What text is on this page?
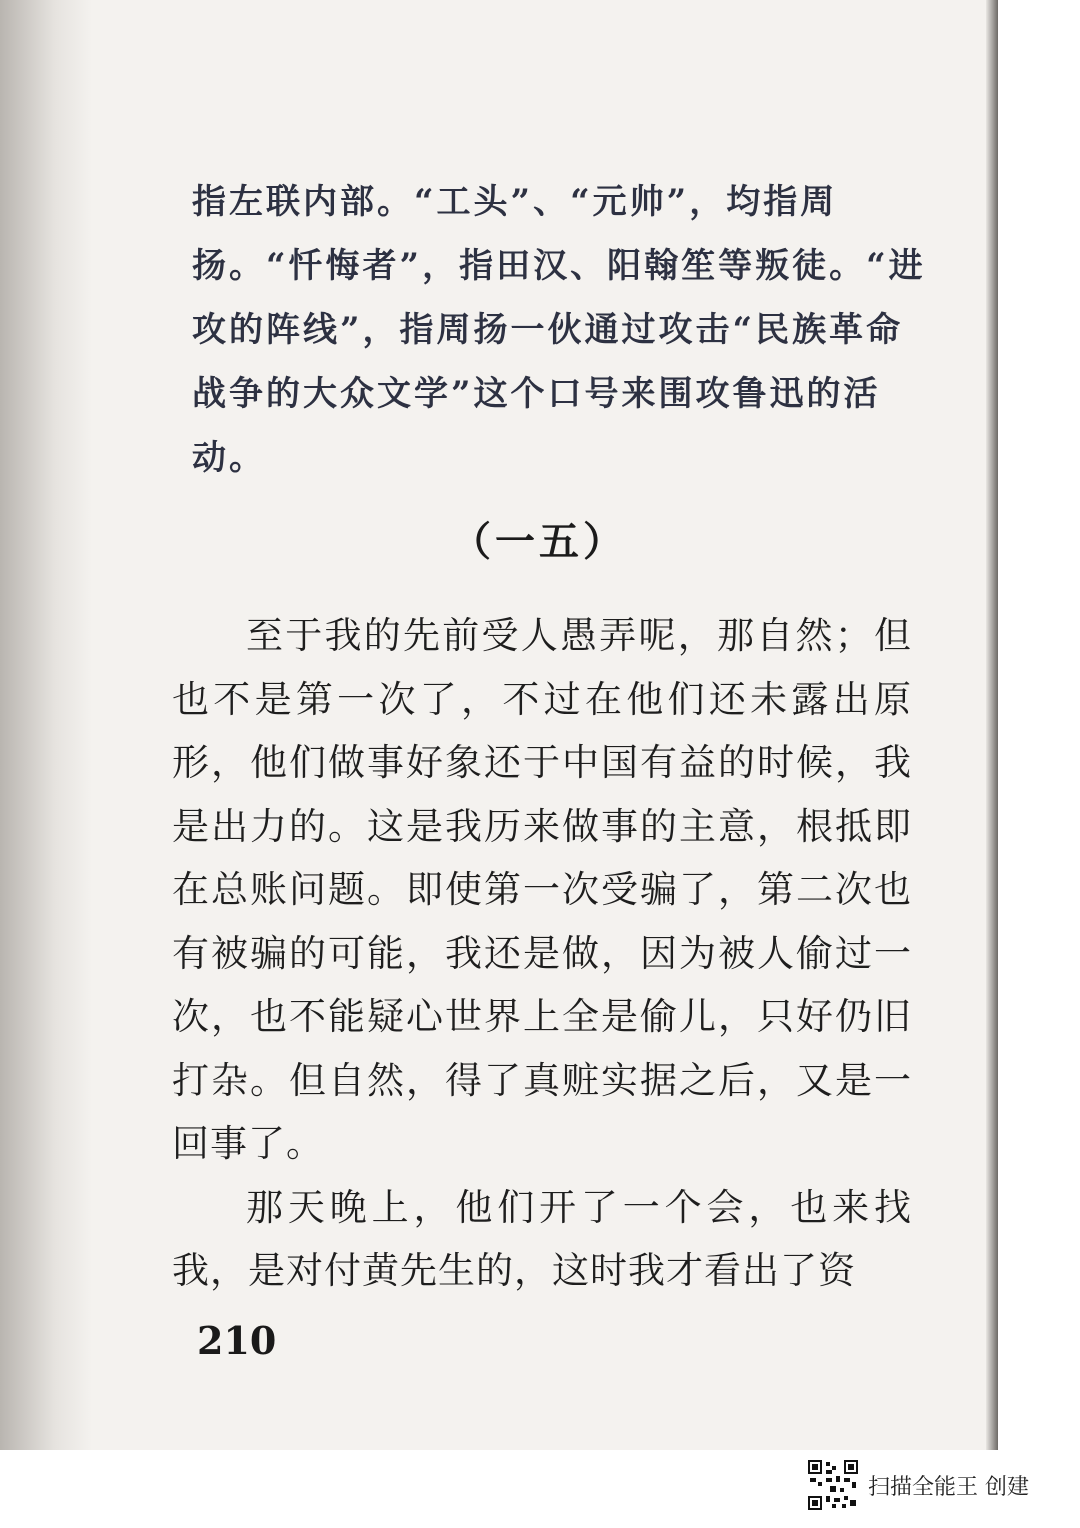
指左联内部。“工头”、“元帅”，均指周扬。“忏悔者”，指田汉、阳翰笙等叛徒。“进攻的阵线”，指周扬一伙通过攻击“民族革命战争的大众文学”这个口号来围攻鲁迅的活动。

（一五）

至于我的先前受人愚弄呢，那自然；但也不是第一次了，不过在他们还未露出原形，他们做事好象还于中国有益的时候，我是出力的。这是我历来做事的主意，根抵即在总账问题。即使第一次受骗了，第二次也有被骗的可能，我还是做，因为被人偷过一次，也不能疑心世界上全是偷儿，只好仍旧打杂。但自然，得了真赃实据之后，又是一回事了。

那天晚上，他们开了一个会，也来找我，是对付黄先生的，这时我才看出了资

210
扫描全能王 创建
